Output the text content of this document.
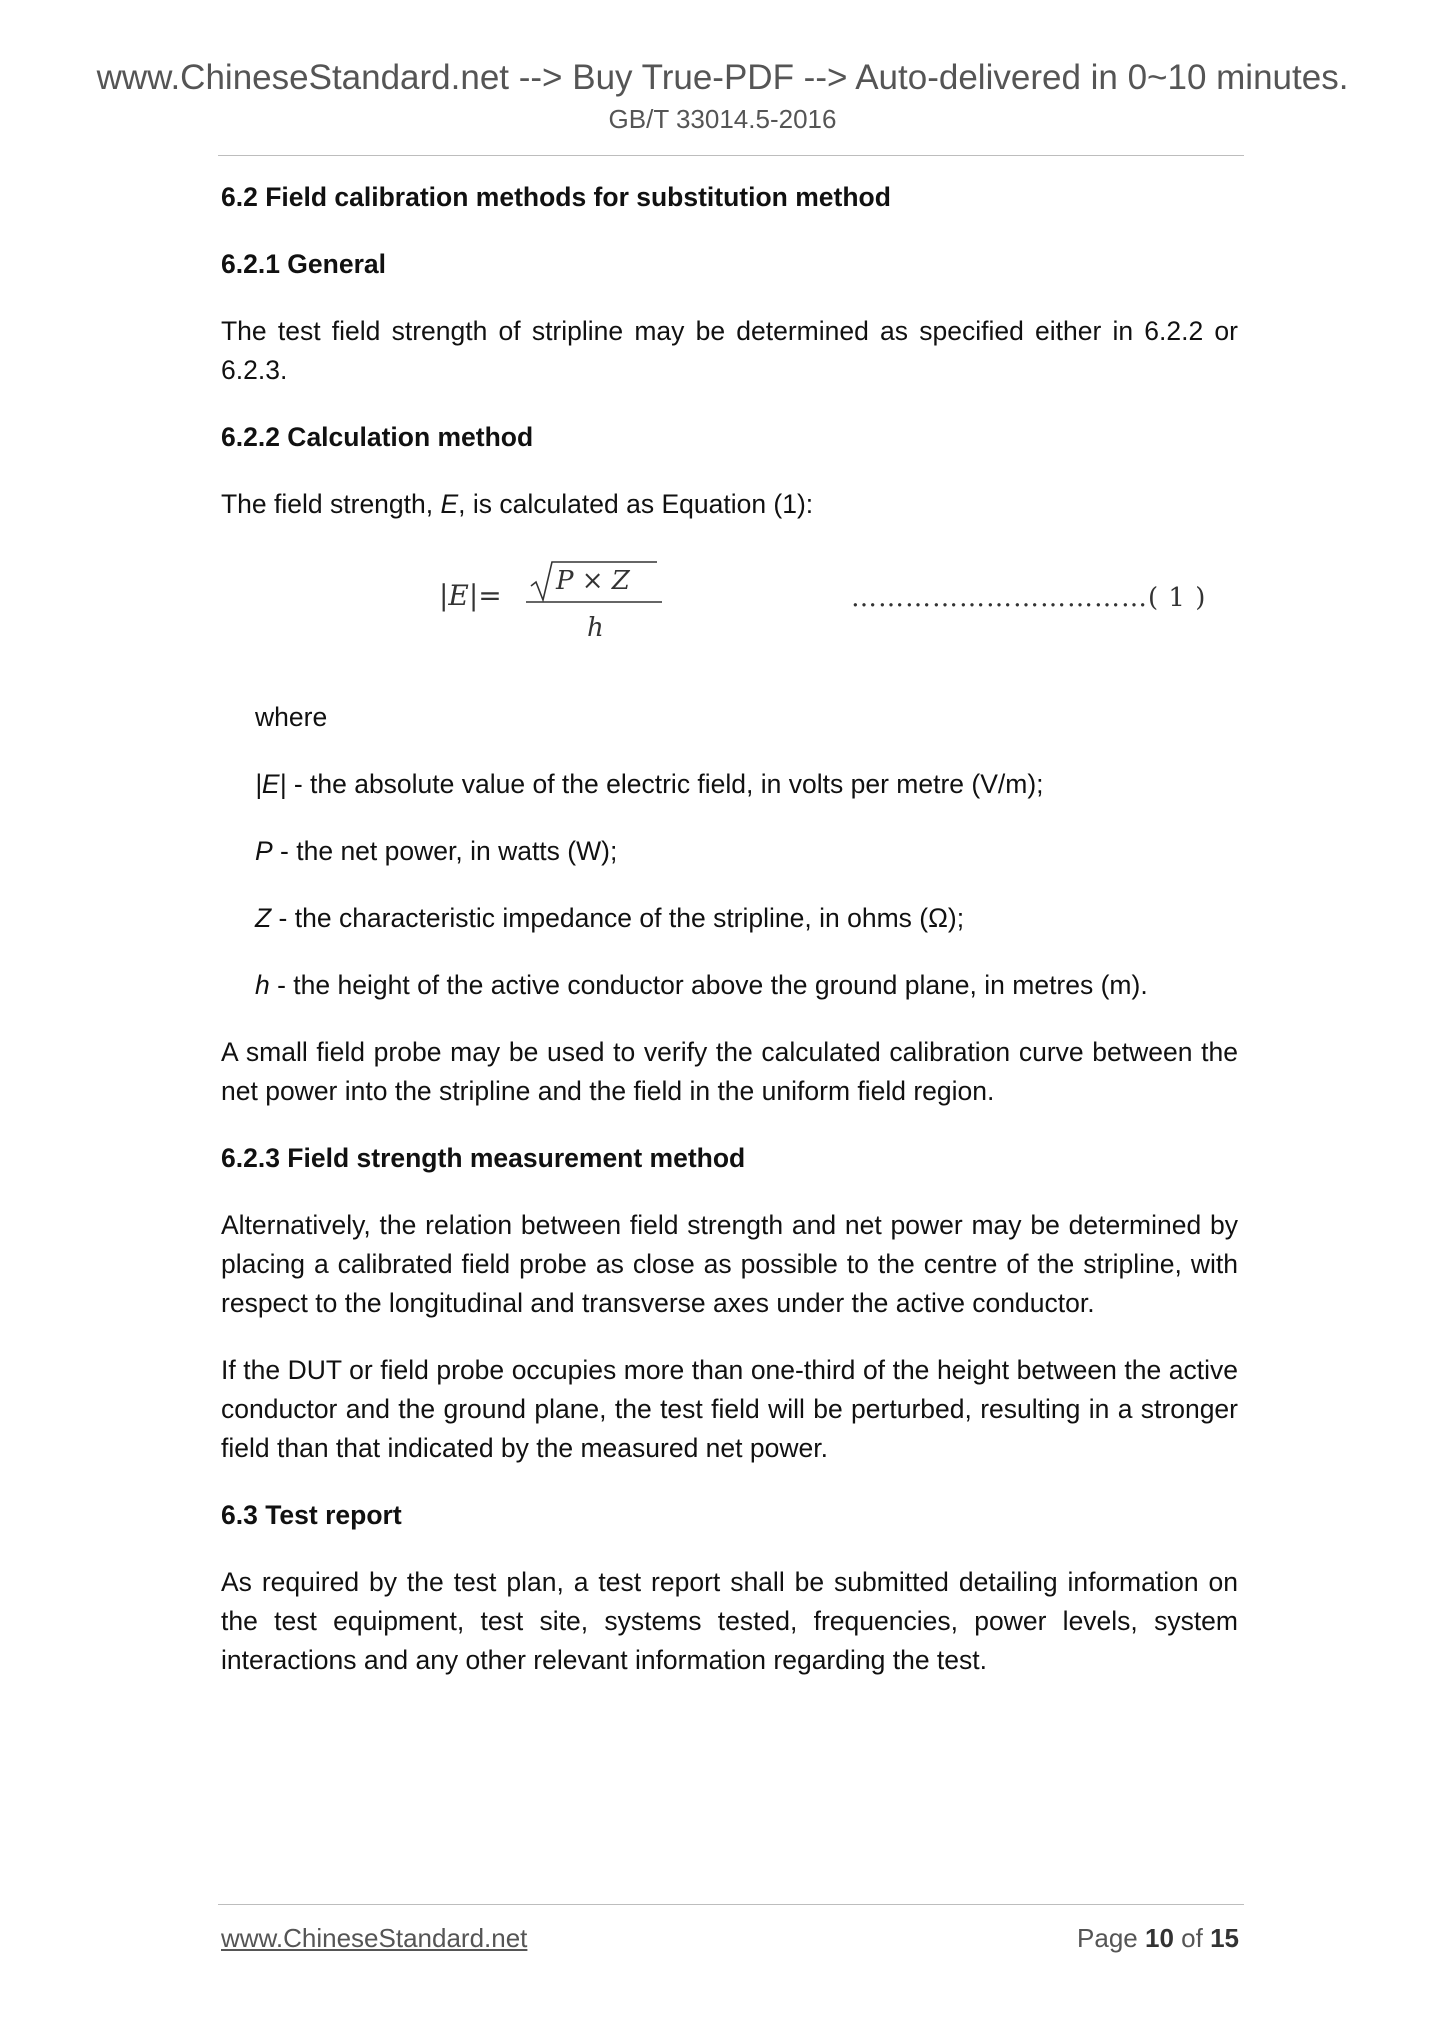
www.ChineseStandard.net --> Buy True-PDF --> Auto-delivered in 0~10 minutes.
GB/T 33014.5-2016

6.2 Field calibration methods for substitution method

6.2.1 General

The test field strength of stripline may be determined as specified either in 6.2.2 or 6.2.3.

6.2.2 Calculation method

The field strength, E, is calculated as Equation (1):

|E|= P × Z
h
……………………………( 1 )

where

|E| - the absolute value of the electric field, in volts per metre (V/m);

P - the net power, in watts (W);

Z - the characteristic impedance of the stripline, in ohms (Ω);

h - the height of the active conductor above the ground plane, in metres (m).

A small field probe may be used to verify the calculated calibration curve between the net power into the stripline and the field in the uniform field region.

6.2.3 Field strength measurement method

Alternatively, the relation between field strength and net power may be determined by placing a calibrated field probe as close as possible to the centre of the stripline, with respect to the longitudinal and transverse axes under the active conductor.

If the DUT or field probe occupies more than one-third of the height between the active conductor and the ground plane, the test field will be perturbed, resulting in a stronger field than that indicated by the measured net power.

6.3 Test report

As required by the test plan, a test report shall be submitted detailing information on the test equipment, test site, systems tested, frequencies, power levels, system interactions and any other relevant information regarding the test.

www.ChineseStandard.net	Page 10 of 15
